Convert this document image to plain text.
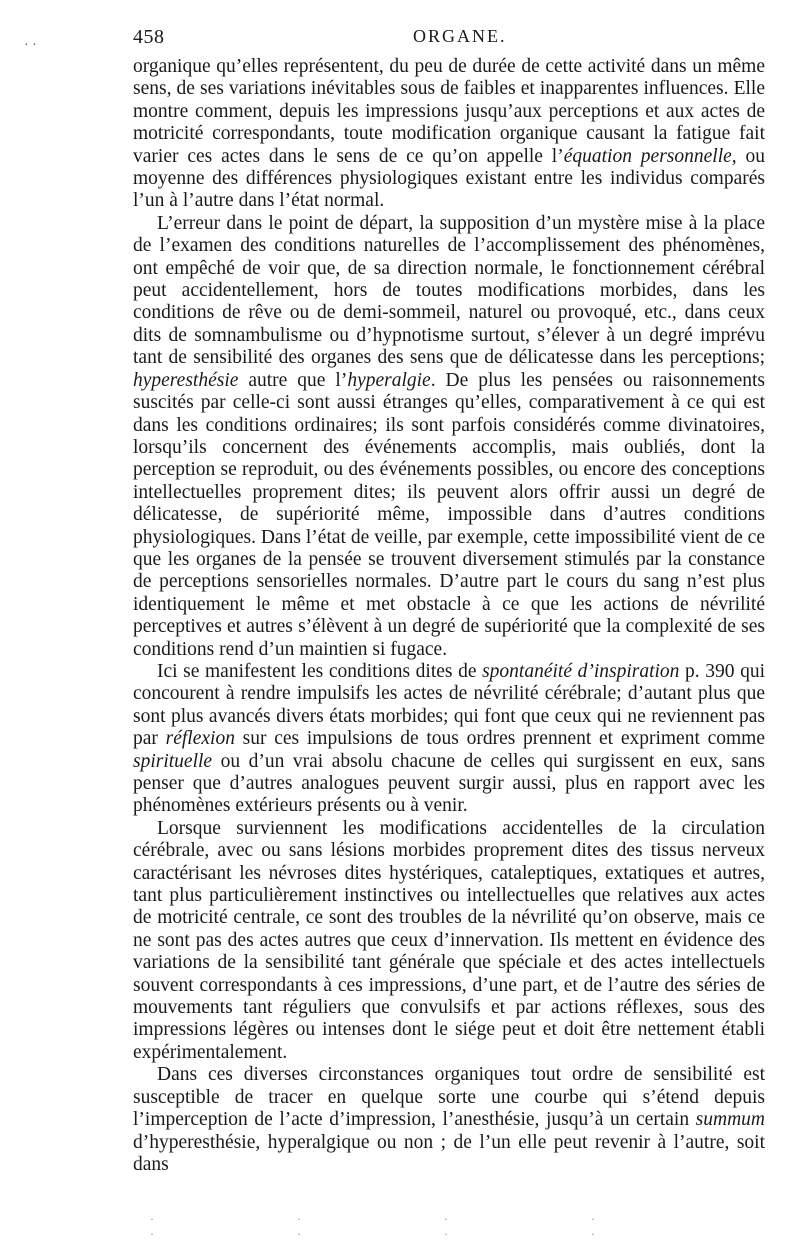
· ·	458	ORGANE.

organique qu’elles représentent, du peu de durée de cette activité dans un même sens, de ses variations inévitables sous de faibles et inapparentes influences. Elle montre comment, depuis les impressions jusqu’aux perceptions et aux actes de motricité correspondants, toute modification organique causant la fatigue fait varier ces actes dans le sens de ce qu’on appelle l’équation personnelle, ou moyenne des différences physiologiques existant entre les individus comparés l’un à l’autre dans l’état normal.

L’erreur dans le point de départ, la supposition d’un mystère mise à la place de l’examen des conditions naturelles de l’accomplissement des phénomènes, ont empêché de voir que, de sa direction normale, le fonctionnement cérébral peut accidentellement, hors de toutes modifications morbides, dans les conditions de rêve ou de demi-sommeil, naturel ou provoqué, etc., dans ceux dits de somnambulisme ou d’hypnotisme surtout, s’élever à un degré imprévu tant de sensibilité des organes des sens que de délicatesse dans les perceptions; hyperesthésie autre que l’hyperalgie. De plus les pensées ou raisonnements suscités par celle-ci sont aussi étranges qu’elles, comparativement à ce qui est dans les conditions ordinaires; ils sont parfois considérés comme divinatoires, lorsqu’ils concernent des événements accomplis, mais oubliés, dont la perception se reproduit, ou des événements possibles, ou encore des conceptions intellectuelles proprement dites; ils peuvent alors offrir aussi un degré de délicatesse, de supériorité même, impossible dans d’autres conditions physiologiques. Dans l’état de veille, par exemple, cette impossibilité vient de ce que les organes de la pensée se trouvent diversement stimulés par la constance de perceptions sensorielles normales. D’autre part le cours du sang n’est plus identiquement le même et met obstacle à ce que les actions de névrilité perceptives et autres s’élèvent à un degré de supériorité que la complexité de ses conditions rend d’un maintien si fugace.

Ici se manifestent les conditions dites de spontanéité d’inspiration p. 390 qui concourent à rendre impulsifs les actes de névrilité cérébrale; d’autant plus que sont plus avancés divers états morbides; qui font que ceux qui ne reviennent pas par réflexion sur ces impulsions de tous ordres prennent et expriment comme spirituelle ou d’un vrai absolu chacune de celles qui surgissent en eux, sans penser que d’autres analogues peuvent surgir aussi, plus en rapport avec les phénomènes extérieurs présents ou à venir.

Lorsque surviennent les modifications accidentelles de la circulation cérébrale, avec ou sans lésions morbides proprement dites des tissus nerveux caractérisant les névroses dites hystériques, cataleptiques, extatiques et autres, tant plus particulièrement instinctives ou intellectuelles que relatives aux actes de motricité centrale, ce sont des troubles de la névrilité qu’on observe, mais ce ne sont pas des actes autres que ceux d’innervation. Ils mettent en évidence des variations de la sensibilité tant générale que spéciale et des actes intellectuels souvent correspondants à ces impressions, d’une part, et de l’autre des séries de mouvements tant réguliers que convulsifs et par actions réflexes, sous des impressions légères ou intenses dont le siége peut et doit être nettement établi expérimentalement.

Dans ces diverses circonstances organiques tout ordre de sensibilité est susceptible de tracer en quelque sorte une courbe qui s’étend depuis l’imperception de l’acte d’impression, l’anesthésie, jusqu’à un certain summum d’hyperesthésie, hyperalgique ou non ; de l’un elle peut revenir à l’autre, soit dans

· · · · · · · ·
